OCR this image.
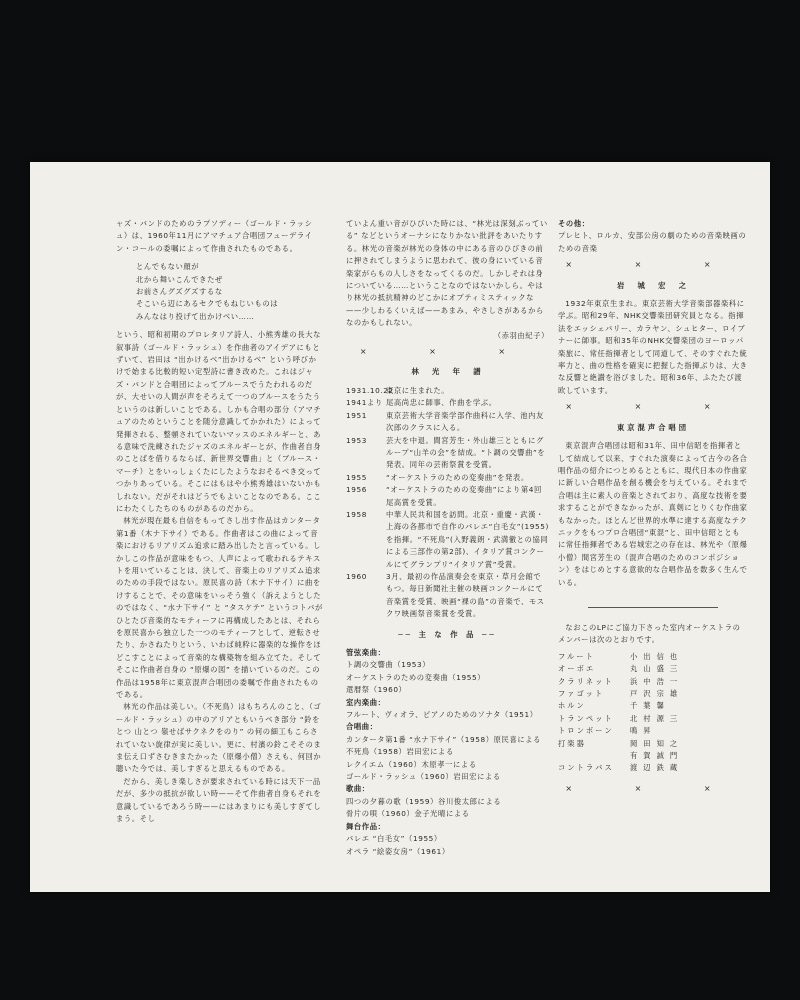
ャズ・バンドのためのラプソディー（ゴールド・ラッシュ）は、1960年11月にアマチュア合唱団フューデライン・コールの委嘱によって作曲されたものである。

とんでもない顔が

北から舞いこんできたぜ

お前さんグズグズするな

そこいら辺にあるセクでもねじいものは

みんなはり投げて出かけべい……

という、昭和初期のプロレタリア詩人、小熊秀雄の長大な叙事詩（ゴールド・ラッシュ）を作曲者のアイデアにもとずいて、岩田は “出かけるべ”出かけるべ” という呼びかけで始まる比較的短い定型詩に書き改めた。これはジャズ・バンドと合唱団によってブルースでうたわれるのだが、大せいの人間が声をそろえて一つのブルースをうたうというのは新しいことである。しかも合唱の部分（アマチュアのためということを随分意識してかかれた）によって発揮される、整頓されていないマッスのエネルギーと、ある意味で洗練されたジャズのエネルギーとが、作曲者自身のことばを借りるならば、新世界交響曲」と（ブルース・マーチ）とをいっしょくたにしたようなおそるべき交ってつかりあっている。そこにはもはや小熊秀雄はいないかもしれない。だがそれはどうでもよいことなのである。ここにわたくしたちのものがあるのだから。

林光が現在最も自信をもってさし出す作品はカンタータ第1番（木ナ下サイ）である。作曲者はこの曲によって音楽におけるリアリズム追求に踏み出したと言っている。しかしこの作品が意味をもつ、人声によって歌われるテキストを用いていることは、決して、音楽上のリアリズム追求のための手段ではない。原民喜の詩（木ナ下サイ）に曲をけすることで、その意味をいっそう強く（訴えようとしたのではなく、“水ナ下サイ” と “タスケテ” というコトバがひとたび音楽的なモティーフに再構成したあとは、それらを原民喜から独立した一つのモティーフとして、逆転させたり、かさねたりという、いわば純粋に器楽的な操作をほどこすことによって音楽的な構築物を組み立てた。そしてそこに作曲者自身の “原爆の図” を描いているのだ。この作品は1958年に東京混声合唱団の委嘱で作曲されたものである。

林光の作品は美しい。（不死鳥）はもちろんのこと、（ゴールド・ラッシュ）の中のアリアともいうべき部分 “鈴をとつ 山とつ 嶺せばサクネクをのり” の何の細工もこらされていない旋律が実に美しい。更に、村濱の鈴こそそのまま伝え口ずさむきまたかった（原爆小僧）さえも、何回か聴いた今では、美しすぎると思えるものである。

だから、美しき楽しさが要求されている時には天下一品だが、多少の抵抗が欲しい時——そて作曲者自身もそれを意識しているであろう時——にはあまりにも美しすぎてしまう。そし

ていよん重い音がひびいた時には、“林光は深刻ぶっている” などというオーナシになりかない批評をあいたりする。林光の音楽が林光の身体の中にある音のひびきの前に押されてしまうように思われて、彼の身にいている音楽家がらもの人しさをなってくるのだ。しかしそれは身についている……ということなのではないかしら。やはり林光の抵抗精神のどこかにオプティミスティックな——少しわるくいえば——あまみ、やさしさがあるからなのかもしれない。

（赤羽由紀子）

× × ×

林　光　年　譜

1931.10.22
東京に生まれた。
1941より 尾高尚忠に師事、作曲を学ぶ。
1951	東京芸術大学音楽学部作曲科に入学、池内友次郎のクラスに入る。
1953	芸大を中退。間宮芳生・外山雄三とともにグループ“山羊の会”を結成。“ト調の交響曲”を発表。同年の芸術祭賞を受賞。
1955	“オーケストラのための変奏曲”を発表。
1956	“オーケストラのための変奏曲”により第4回尾高賞を受賞。
1958	中華人民共和国を訪問。北京・重慶・武漢・上海の各都市で自作のバレエ“白毛女”(1955)を指揮。“不死鳥”(入野義朗・武満徹との協同による三部作の第2部)、イタリア賞コンクールにてグランプリ“イタリア賞”受賞。
1960	3月、最初の作品演奏会を東京・草月会館でもつ。毎日新聞社主催の映画コンクールにて音楽賞を受賞、映画“裸の島”の音楽で、モスクワ映画祭音楽賞を受賞。

── 主 な 作 品 ──

管弦楽曲：

ト調の交響曲（1953）

オーケストラのための変奏曲（1955）

還暦祭（1960）

室内楽曲：

フルート、ヴィオラ、ピアノのためのソナタ（1951）

合唱曲：

カンタータ第1番 “水ナ下サイ”（1958）原民喜による

不死鳥（1958）岩田宏による

レクイエム（1960）木原孝一による

ゴールド・ラッシュ（1960）岩田宏による

歌曲：

四つの夕暮の歌（1959）谷川俊太郎による

骨片の唄（1960）金子光晴による

舞台作品：

バレエ “白毛女”（1955）

オペラ “絵姿女房”（1961）

その他：

プレヒト、ロルカ、安部公房の劇のための音楽映画のための音楽

× × ×

岩　城　宏　之

1932年東京生まれ。東京芸術大学音楽部器楽科に学ぶ。昭和29年、NHK交響楽団研究員となる。指揮法をエッシェバリー、カラヤン、シュヒター、ロイブナーに師事。昭和35年のNHK交響楽団のヨーロッパ楽旅に、常任指揮者として同道して、そのすぐれた統率力と、曲の性格を確実に把握した指揮ぶりは、大きな反響と絶讃を浴びました。昭和36年、ふたたび渡欧しています。

× × ×

東京混声合唱団

東京混声合唱団は昭和31年、田中信昭を指揮者として結成して以来、すぐれた演奏によって古今の各合唱作品の紹介につとめるとともに、現代日本の作曲家に新しい合唱作品を創る機会を与えている。それまで合唱は主に素人の音楽とされており、高度な技術を要求することができなかったが、真剣にとりくむ作曲家もなかった。ほとんど世界的水準に達する高度なテクニックをもつプロ合唱団“東混”と、田中信昭とともに常任指揮者である岩城宏之の存在は、林光や（原爆小僧）間宮芳生の（混声合唱のためのコンポジション）をはじめとする意欲的な合唱作品を数多く生んでいる。

なおこのLPにご協力下さった室内オーケストラのメンバーは次のとおりです。

フルート	小出信也
オーボエ	丸山盛三
クラリネット	浜中浩一
ファゴット	戸沢宗雄
ホルン	千葉馨
トランペット	北村源三
トロンボーン	鳴昇
打楽器	岡田知之
有賀誠門
コントラバス	渡辺鉄蔵

× × ×
